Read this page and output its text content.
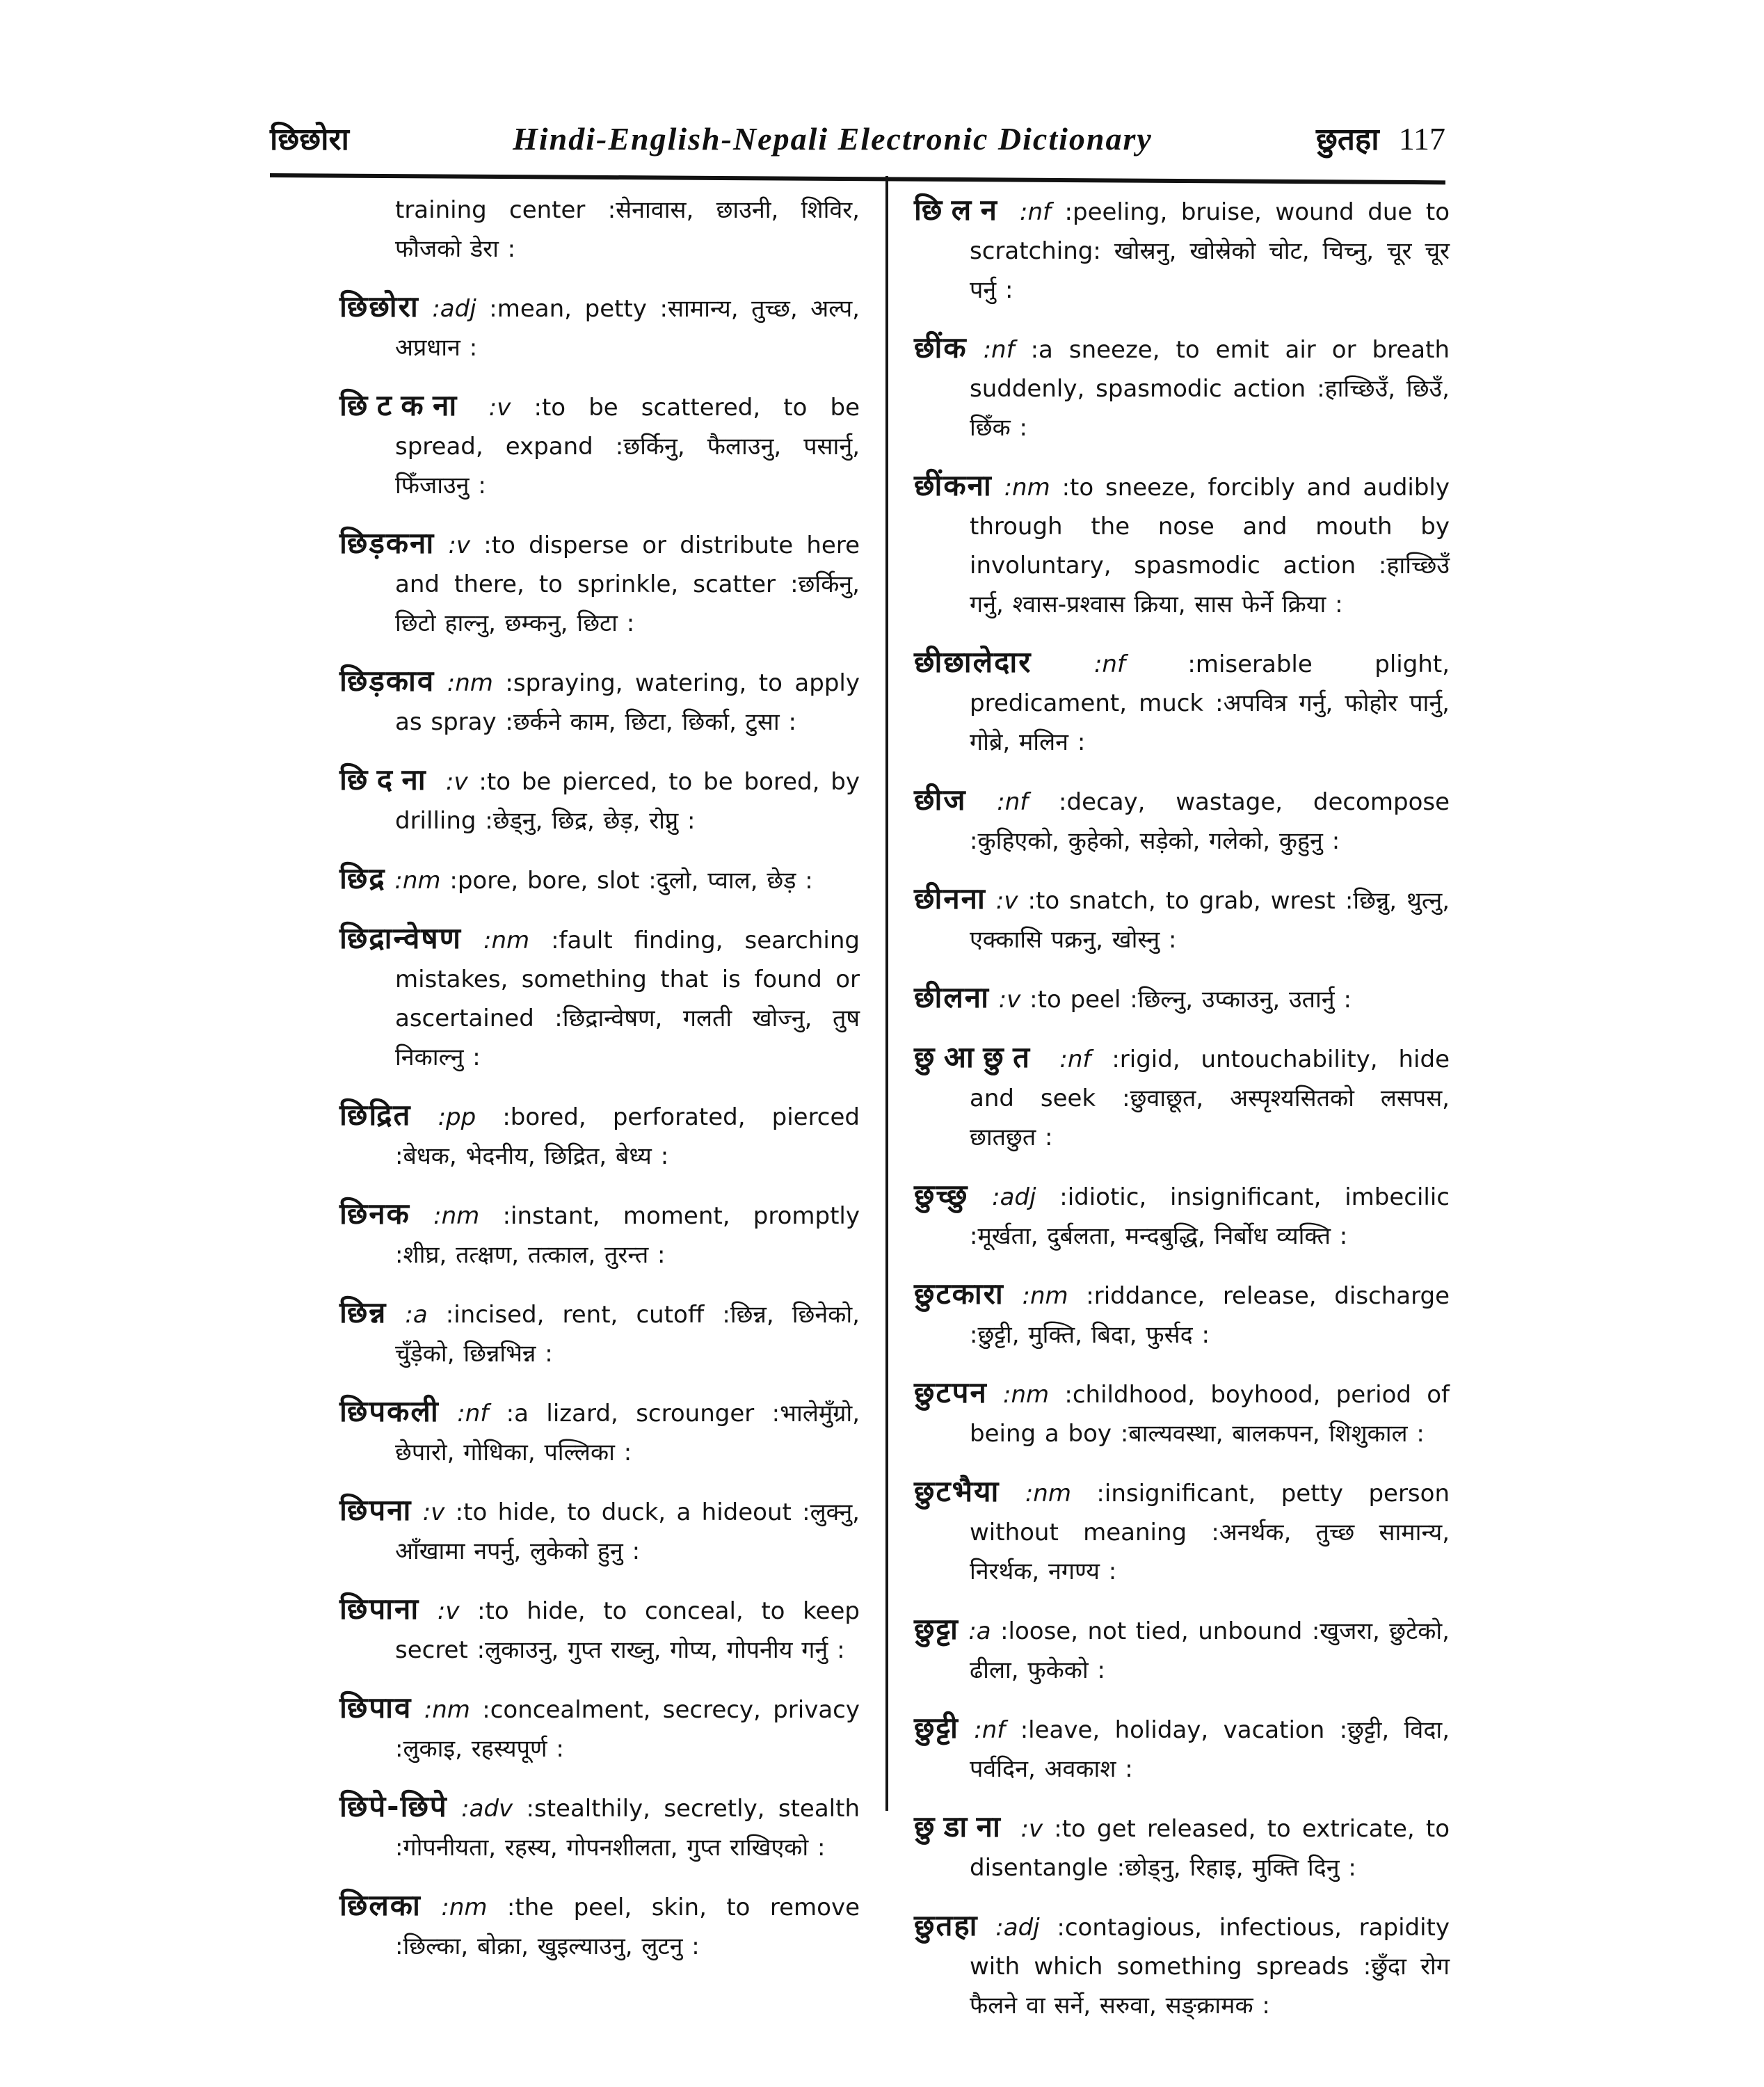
छिछोरा	Hindi-English-Nepali Electronic Dictionary	छुतहा 117
training center :सेनावास, छाउनी, शिविर, फौजको डेरा :
छिछोरा :adj :mean, petty :सामान्य, तुच्छ, अल्प, अप्रधान :
छिटकना :v :to be scattered, to be spread, expand :छर्किनु, फैलाउनु, पसार्नु, फिँजाउनु :
छिड़कना :v :to disperse or distribute here and there, to sprinkle, scatter :छर्किनु, छिटो हाल्नु, छम्कनु, छिटा :
छिड़काव :nm :spraying, watering, to apply as spray :छर्कने काम, छिटा, छिर्का, टुसा :
छिदना :v :to be pierced, to be bored, by drilling :छेड्नु, छिद्र, छेड़, रोप्नु :
छिद्र :nm :pore, bore, slot :दुलो, प्वाल, छेड़ :
छिद्रान्वेषण :nm :fault finding, searching mistakes, something that is found or ascertained :छिद्रान्वेषण, गलती खोज्नु, तुष निकाल्नु :
छिद्रित :pp :bored, perforated, pierced :बेधक, भेदनीय, छिद्रित, बेध्य :
छिनक :nm :instant, moment, promptly :शीघ्र, तत्क्षण, तत्काल, तुरन्त :
छिन्न :a :incised, rent, cutoff :छिन्न, छिनेको, चुँड़ेको, छिन्नभिन्न :
छिपकली :nf :a lizard, scrounger :भालेमुँग्रो, छेपारो, गोधिका, पल्लिका :
छिपना :v :to hide, to duck, a hideout :लुक्नु, आँखामा नपर्नु, लुकेको हुनु :
छिपाना :v :to hide, to conceal, to keep secret :लुकाउनु, गुप्त राख्नु, गोप्य, गोपनीय गर्नु :
छिपाव :nm :concealment, secrecy, privacy :लुकाइ, रहस्यपूर्ण :
छिपे-छिपे :adv :stealthily, secretly, stealth :गोपनीयता, रहस्य, गोपनशीलता, गुप्त राखिएको :
छिलका :nm :the peel, skin, to remove :छिल्का, बोक्रा, खुइल्याउनु, लुटनु :
छिलन :nf :peeling, bruise, wound due to scratching: खोस्रनु, खोस्रेको चोट, चिच्नु, चूर चूर पर्नु :
छींक :nf :a sneeze, to emit air or breath suddenly, spasmodic action :हाच्छिउँ, छिउँ, छिँक :
छींकना :nm :to sneeze, forcibly and audibly through the nose and mouth by involuntary, spasmodic action :हाच्छिउँ गर्नु, श्वास-प्रश्वास क्रिया, सास फेर्ने क्रिया :
छीछालेदार :nf :miserable plight, predicament, muck :अपवित्र गर्नु, फोहोर पार्नु, गोब्रे, मलिन :
छीज :nf :decay, wastage, decompose :कुहिएको, कुहेको, सड़ेको, गलेको, कुहुनु :
छीनना :v :to snatch, to grab, wrest :छिन्नु, थुत्नु, एक्कासि पक्रनु, खोस्नु :
छीलना :v :to peel :छिल्नु, उप्काउनु, उतार्नु :
छुआछुत :nf :rigid, untouchability, hide and seek :छुवाछूत, अस्पृश्यसितको लसपस, छातछुत :
छुच्छु :adj :idiotic, insignificant, imbecilic :मूर्खता, दुर्बलता, मन्दबुद्धि, निर्बोध व्यक्ति :
छुटकारा :nm :riddance, release, discharge :छुट्टी, मुक्ति, बिदा, फुर्सद :
छुटपन :nm :childhood, boyhood, period of being a boy :बाल्यवस्था, बालकपन, शिशुकाल :
छुटभैया :nm :insignificant, petty person without meaning :अनर्थक, तुच्छ सामान्य, निरर्थक, नगण्य :
छुट्टा :a :loose, not tied, unbound :खुजरा, छुटेको, ढीला, फुकेको :
छुट्टी :nf :leave, holiday, vacation :छुट्टी, विदा, पर्वदिन, अवकाश :
छुडाना :v :to get released, to extricate, to disentangle :छोड्नु, रिहाइ, मुक्ति दिनु :
छुतहा :adj :contagious, infectious, rapidity with which something spreads :छुँदा रोग फैलने वा सर्ने, सरुवा, सङ्क्रामक :
